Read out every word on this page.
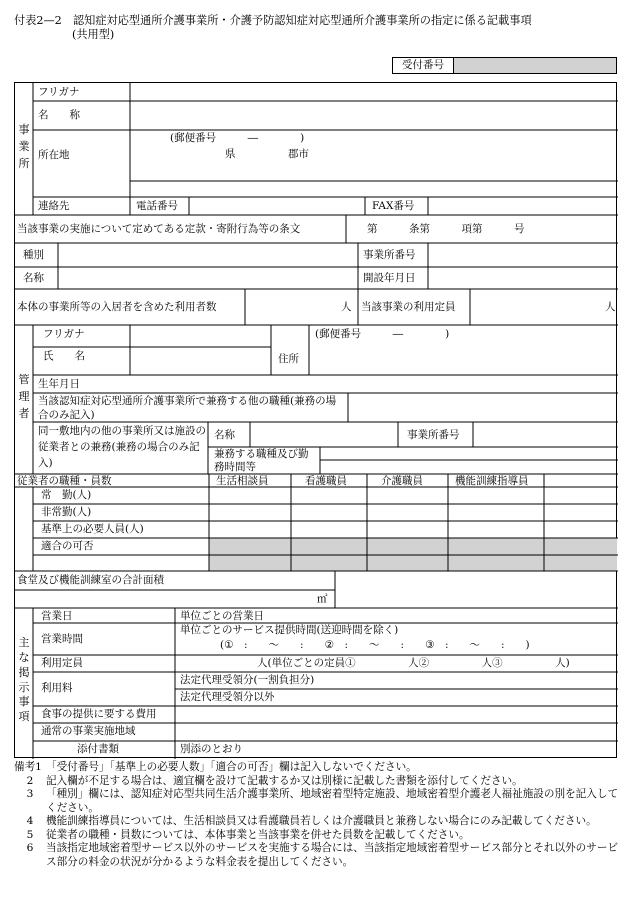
付表2—2　認知症対応型通所介護事業所・介護予防認知症対応型通所介護事業所の指定に係る記載事項
(共用型)
受付番号
事
業
所
フリガナ
名　　称
所在地
(郵便番号　　　―　　　　)
県	郡市
連絡先	電話番号	FAX番号
当該事業の実施について定めてある定款・寄附行為等の条文	第　　　条第　　　項第　　　号
種別	事業所番号
名称	開設年月日
本体の事業所等の入居者を含めた利用者数	人 当該事業の利用定員	人
管
理
者
フリガナ
氏　　名	住所
(郵便番号　　　―　　　　)
生年月日
当該認知症対応型通所介護事業所で兼務する他の職種(兼務の場合のみ記入)
同一敷地内の他の事業所又は施設の従業者との兼務(兼務の場合のみ記入)
名称	事業所番号
兼務する職種及び勤務時間等
従業者の職種・員数	生活相談員	看護職員	介護職員	機能訓練指導員
常　勤(人)
非常勤(人)
基準上の必要人員(人)
適合の可否
食堂及び機能訓練室の合計面積
㎡
主
な
掲
示
事
項
営業日	単位ごとの営業日
営業時間
単位ごとのサービス提供時間(送迎時間を除く)
(①　:　　～　　:　　②　:　　～　　:　　③　:　　～　　:　　)
利用定員	人(単位ごとの定員①　　　　　人②　　　　　人③　　　　　人)
利用料
法定代理受領分(一割負担分)
法定代理受領分以外
食事の提供に要する費用
通常の事業実施地域
添付書類	別添のとおり
備考1 「受付番号」「基準上の必要人数」「適合の可否」欄は記入しないでください。
2 記入欄が不足する場合は、適宜欄を設けて記載するか又は別様に記載した書類を添付してください。
3 「種別」欄には、認知症対応型共同生活介護事業所、地域密着型特定施設、地域密着型介護老人福祉施設の別を記入してください。
4 機能訓練指導員については、生活相談員又は看護職員若しくは介護職員と兼務しない場合にのみ記載してください。
5 従業者の職種・員数については、本体事業と当該事業を併せた員数を記載してください。
6 当該指定地域密着型サービス以外のサービスを実施する場合には、当該指定地域密着型サービス部分とそれ以外のサービス部分の料金の状況が分かるような料金表を提出してください。
